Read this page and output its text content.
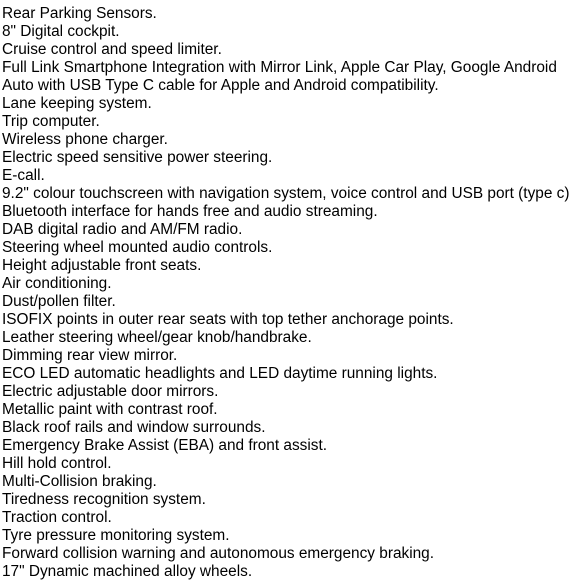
Rear Parking Sensors.
8" Digital cockpit.
Cruise control and speed limiter.
Full Link Smartphone Integration with Mirror Link, Apple Car Play, Google Android
Auto with USB Type C cable for Apple and Android compatibility.
Lane keeping system.
Trip computer.
Wireless phone charger.
Electric speed sensitive power steering.
E-call.
9.2" colour touchscreen with navigation system, voice control and USB port (type c)
Bluetooth interface for hands free and audio streaming.
DAB digital radio and AM/FM radio.
Steering wheel mounted audio controls.
Height adjustable front seats.
Air conditioning.
Dust/pollen filter.
ISOFIX points in outer rear seats with top tether anchorage points.
Leather steering wheel/gear knob/handbrake.
Dimming rear view mirror.
ECO LED automatic headlights and LED daytime running lights.
Electric adjustable door mirrors.
Metallic paint with contrast roof.
Black roof rails and window surrounds.
Emergency Brake Assist (EBA) and front assist.
Hill hold control.
Multi-Collision braking.
Tiredness recognition system.
Traction control.
Tyre pressure monitoring system.
Forward collision warning and autonomous emergency braking.
17" Dynamic machined alloy wheels.
